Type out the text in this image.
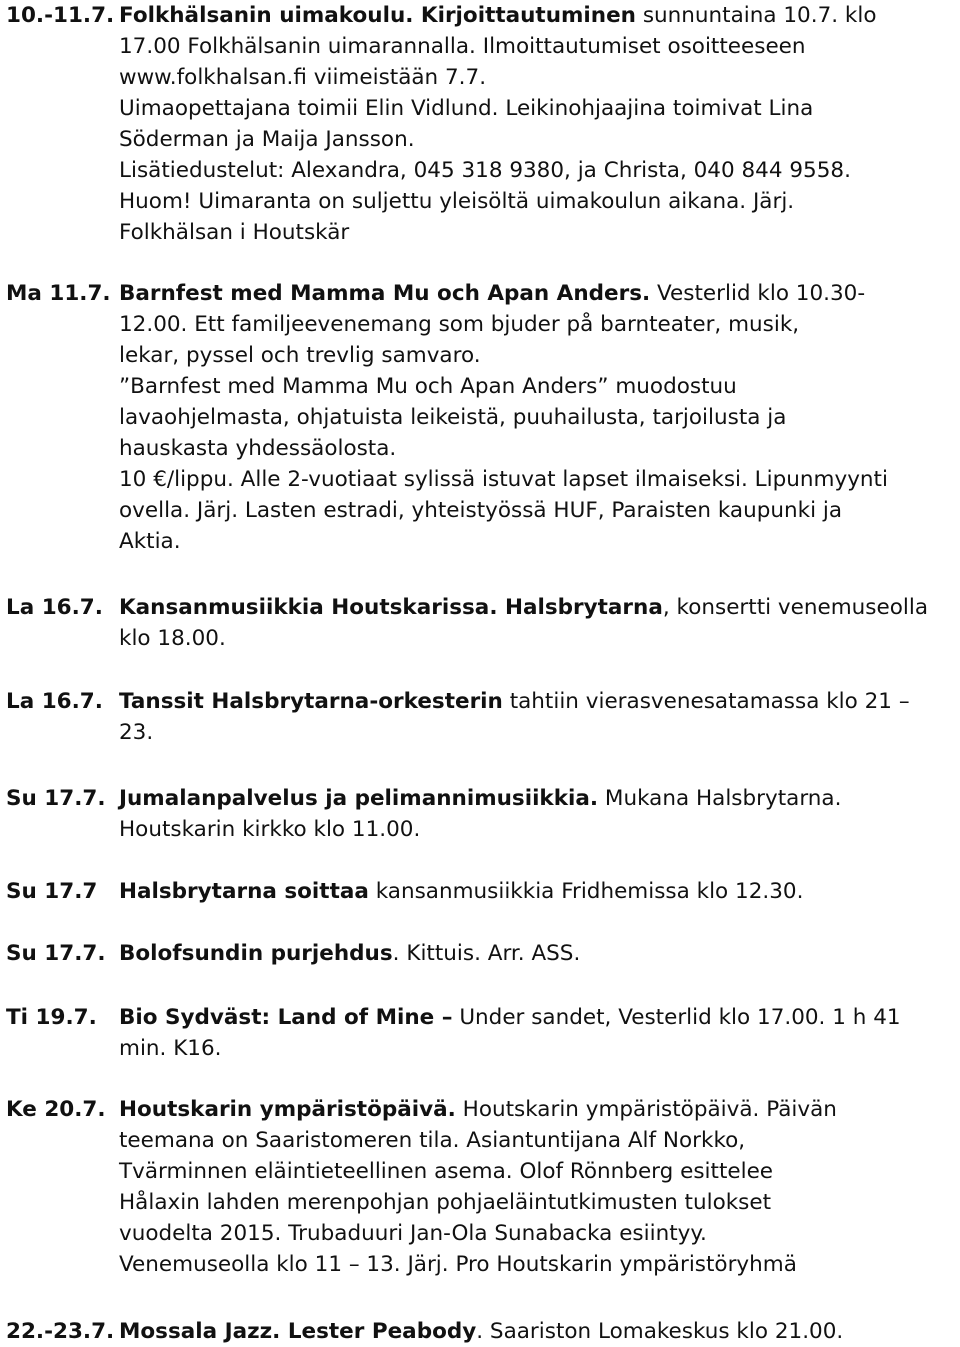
10.-11.7. Folkhälsanin uimakoulu. Kirjoittautuminen sunnuntaina 10.7. klo
17.00 Folkhälsanin uimarannalla. Ilmoittautumiset osoitteeseen
www.folkhalsan.fi viimeistään 7.7.
Uimaopettajana toimii Elin Vidlund. Leikinohjaajina toimivat Lina
Söderman ja Maija Jansson.
Lisätiedustelut: Alexandra, 045 318 9380, ja Christa, 040 844 9558.
Huom! Uimaranta on suljettu yleisöltä uimakoulun aikana. Järj.
Folkhälsan i Houtskär
Ma 11.7. Barnfest med Mamma Mu och Apan Anders. Vesterlid klo 10.30-
12.00. Ett familjeevenemang som bjuder på barnteater, musik,
lekar, pyssel och trevlig samvaro.
”Barnfest med Mamma Mu och Apan Anders” muodostuu
lavaohjelmasta, ohjatuista leikeistä, puuhailusta, tarjoilusta ja
hauskasta yhdessäolosta.
10 €/lippu. Alle 2-vuotiaat sylissä istuvat lapset ilmaiseksi. Lipunmyynti
ovella. Järj. Lasten estradi, yhteistyössä HUF, Paraisten kaupunki ja
Aktia.
La 16.7. Kansanmusiikkia Houtskarissa. Halsbrytarna, konsertti venemuseolla
klo 18.00.
La 16.7. Tanssit Halsbrytarna-orkesterin tahtiin vierasvenesatamassa klo 21 –
23.
Su 17.7. Jumalanpalvelus ja pelimannimusiikkia. Mukana Halsbrytarna.
Houtskarin kirkko klo 11.00.
Su 17.7 Halsbrytarna soittaa kansanmusiikkia Fridhemissa klo 12.30.
Su 17.7. Bolofsundin purjehdus. Kittuis. Arr. ASS.
Ti 19.7. Bio Sydväst: Land of Mine – Under sandet, Vesterlid klo 17.00. 1 h 41
min. K16.
Ke 20.7. Houtskarin ympäristöpäivä. Houtskarin ympäristöpäivä. Päivän
teemana on Saaristomeren tila. Asiantuntijana Alf Norkko,
Tvärminnen eläintieteellinen asema. Olof Rönnberg esittelee
Hålaxin lahden merenpohjan pohjaeläintutkimusten tulokset
vuodelta 2015. Trubaduuri Jan-Ola Sunabacka esiintyy.
Venemuseolla klo 11 – 13. Järj. Pro Houtskarin ympäristöryhmä
22.-23.7. Mossala Jazz. Lester Peabody. Saariston Lomakeskus klo 21.00.
